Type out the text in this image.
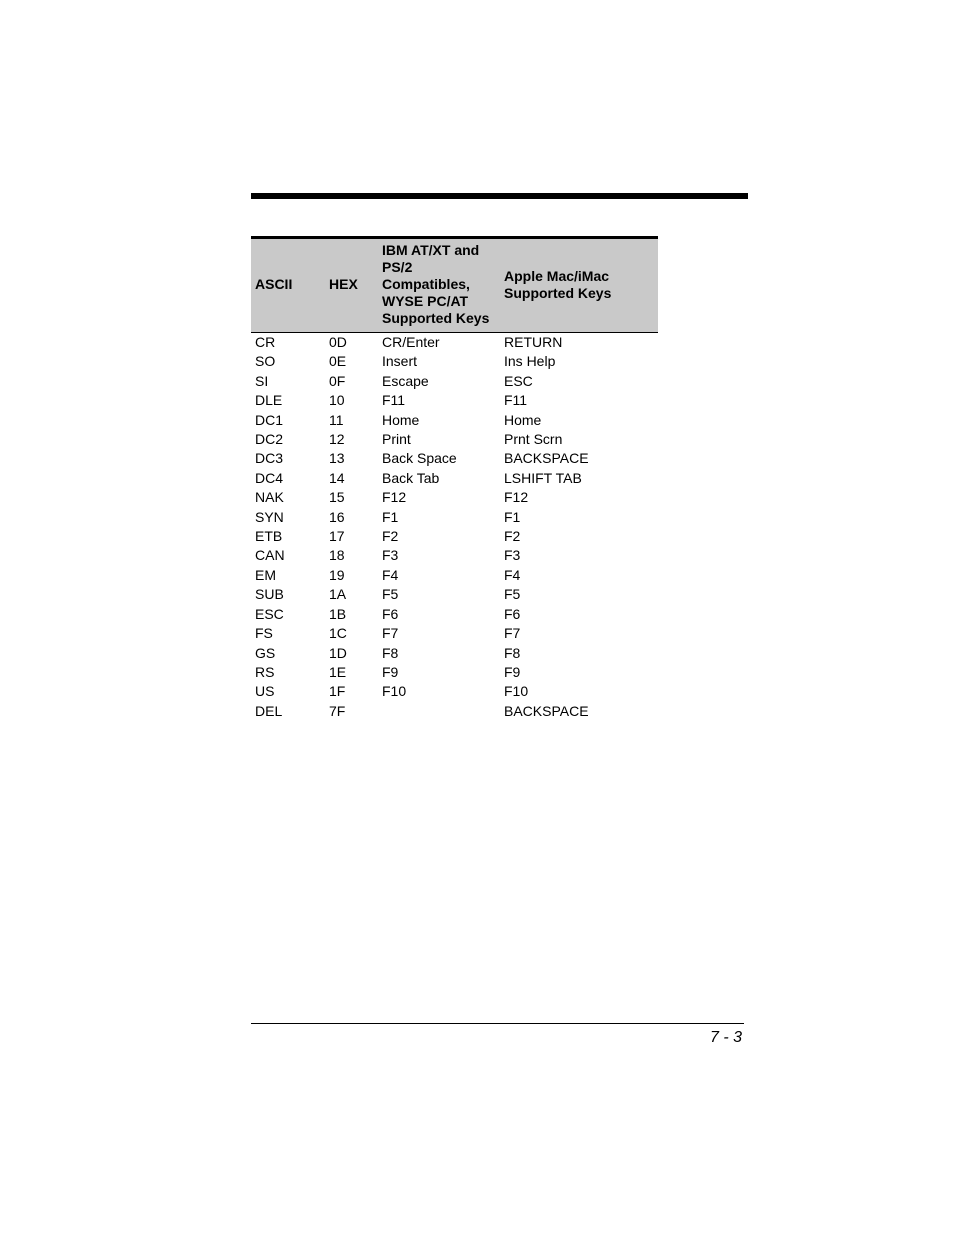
ASCII	HEX	IBM AT/XT and
PS/2
Compatibles,
WYSE PC/AT
Supported Keys	Apple Mac/iMac
Supported Keys
CR	0D	CR/Enter	RETURN
SO	0E	Insert	Ins Help
SI	0F	Escape	ESC
DLE	10	F11	F11
DC1	11	Home	Home
DC2	12	Print	Prnt Scrn
DC3	13	Back Space	BACKSPACE
DC4	14	Back Tab	LSHIFT TAB
NAK	15	F12	F12
SYN	16	F1	F1
ETB	17	F2	F2
CAN	18	F3	F3
EM	19	F4	F4
SUB	1A	F5	F5
ESC	1B	F6	F6
FS	1C	F7	F7
GS	1D	F8	F8
RS	1E	F9	F9
US	1F	F10	F10
DEL	7F		BACKSPACE
7 - 3
